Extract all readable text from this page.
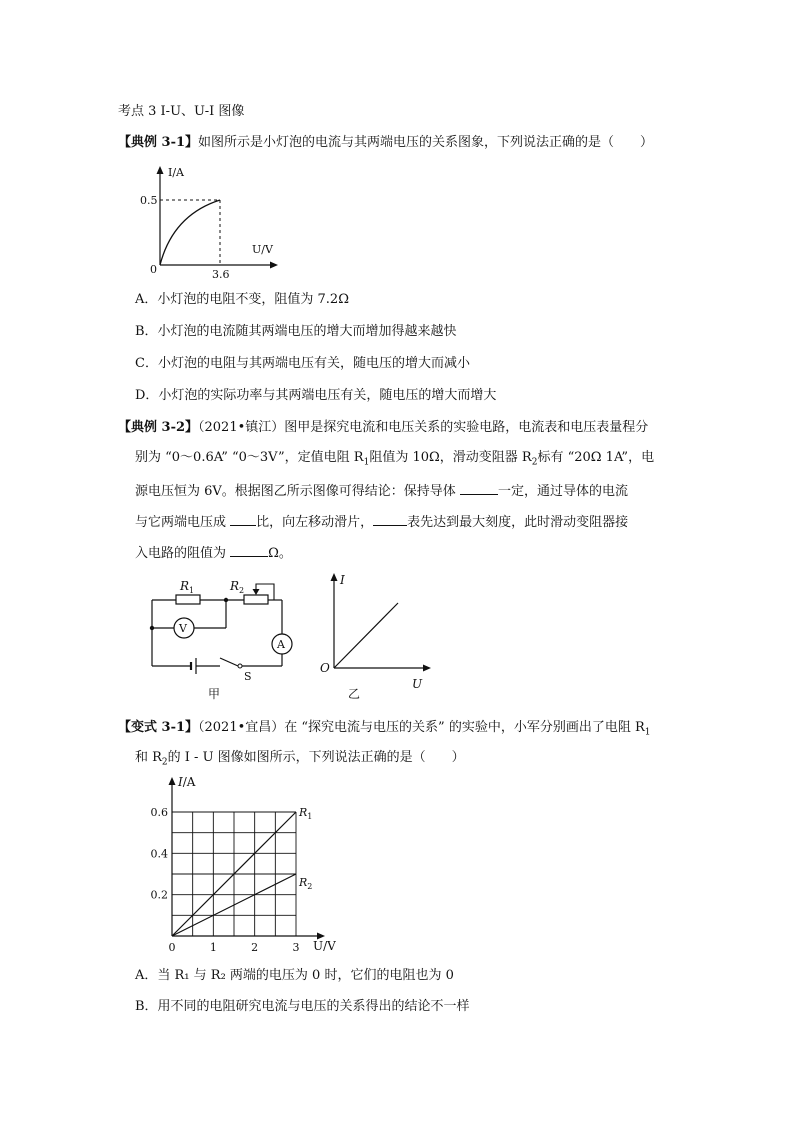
考点 3 I-U、U-I 图像
【典例 3-1】如图所示是小灯泡的电流与其两端电压的关系图象，下列说法正确的是（　　）
I/A
0.5
U/V
0	3.6
A．小灯泡的电阻不变，阻值为 7.2Ω
B．小灯泡的电流随其两端电压的增大而增加得越来越快
C．小灯泡的电阻与其两端电压有关，随电压的增大而减小
D．小灯泡的实际功率与其两端电压有关，随电压的增大而增大
【典例 3-2】（2021•镇江）图甲是探究电流和电压关系的实验电路，电流表和电压表量程分
别为 “0～0.6A” “0～3V”，定值电阻 $R_1$阻值为 10Ω，滑动变阻器 $R_2$标有 “20Ω 1A”，电
源电压恒为 6V。根据图乙所示图像可得结论：保持导体	一定，通过导体的电流
与它两端电压成 比，向左移动滑片，	表先达到最大刻度，此时滑动变阻器接
入电路的阻值为	Ω。
$R_1$	$R_2$
V
A
S
甲
I
O
U
乙
【变式 3-1】（2021•宜昌）在 “探究电流与电压的关系” 的实验中，小军分别画出了电阻 $R_1$
和 $R_2$的 I - U 图像如图所示，下列说法正确的是（　　）
I/A
U/V
0.2
0.4
0.6
0	1	2	3
$R_1$
$R_2$
A．当 R₁ 与 R₂ 两端的电压为 0 时，它们的电阻也为 0
B．用不同的电阻研究电流与电压的关系得出的结论不一样
